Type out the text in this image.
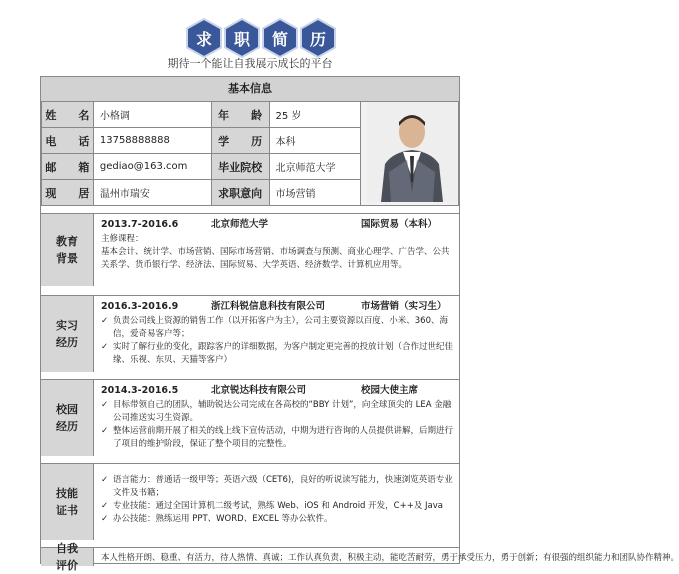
求 职 简 历
期待一个能让自我展示成长的平台
基本信息
姓　　名	小格调	年　　龄	25 岁	
电　　话	13758888888	学　　历	本科	
邮　　箱	gediao@163.com	毕业院校	北京师范大学	
现　　居	温州市瑞安	求职意向	市场营销	
教育背景
2013.7-2016.6	北京师范大学	国际贸易（本科）
主修课程：
基本会计、统计学、市场营销、国际市场营销、市场调查与预测、商业心理学、广告学、公共关系学、货币银行学、经济法、国际贸易、大学英语、经济数学、计算机应用等。
实习经历
2016.3-2016.9	浙江科锐信息科技有限公司	市场营销（实习生）
✓ 负责公司线上资源的销售工作（以开拓客户为主），公司主要资源以百度、小米、360、海信，爱奇易客户等；
✓ 实时了解行业的变化，跟踪客户的详细数据，为客户制定更完善的投放计划（合作过世纪佳缘、乐视、东贝、天猫等客户）
校园经历
2014.3-2016.5	北京锐达科技有限公司	校园大使主席
✓ 目标带领自己的团队，辅助锐达公司完成在各高校的“BBY 计划”，向全球顶尖的 LEA 金融公司推送实习生资源。
✓ 整体运营前期开展了相关的线上线下宣传活动，中期为进行咨询的人员提供讲解，后期进行了项目的维护阶段，保证了整个项目的完整性。
技能证书
✓ 语言能力：普通话一级甲等；英语六级（CET6)，良好的听说读写能力，快速浏览英语专业文件及书籍；
✓ 专业技能：通过全国计算机二级考试，熟练 Web、iOS 和 Android 开发，C++及 Java
✓ 办公技能：熟练运用 PPT、WORD、EXCEL 等办公软件。
自我评价
本人性格开朗、稳重、有活力，待人热情、真诚；工作认真负责，积极主动，能吃苦耐劳，勇于承受压力，勇于创新；有很强的组织能力和团队协作精神。
